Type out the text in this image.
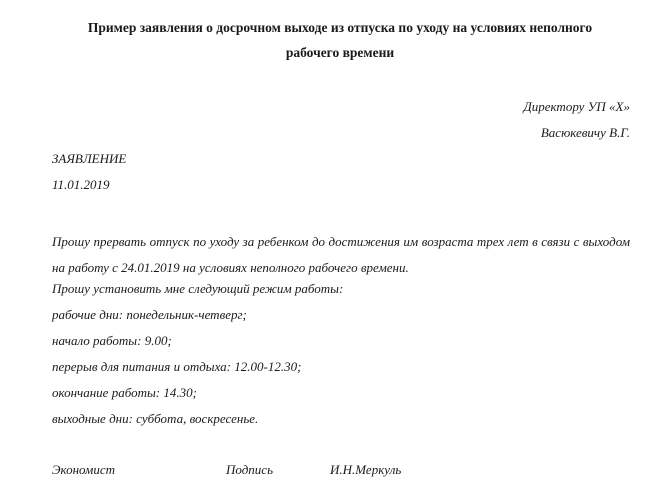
Пример заявления о досрочном выходе из отпуска по уходу на условиях неполного
рабочего времени
Директору УП «Х»
Васюкевичу В.Г.
ЗАЯВЛЕНИЕ
11.01.2019
Прошу прервать отпуск по уходу за ребенком до достижения им возраста трех лет в связи с выходом на работу с 24.01.2019 на условиях неполного рабочего времени.
Прошу установить мне следующий режим работы:
рабочие дни: понедельник-четверг;
начало работы: 9.00;
перерыв для питания и отдыха: 12.00-12.30;
окончание работы: 14.30;
выходные дни: суббота, воскресенье.
Экономист	Подпись	И.Н.Меркуль
